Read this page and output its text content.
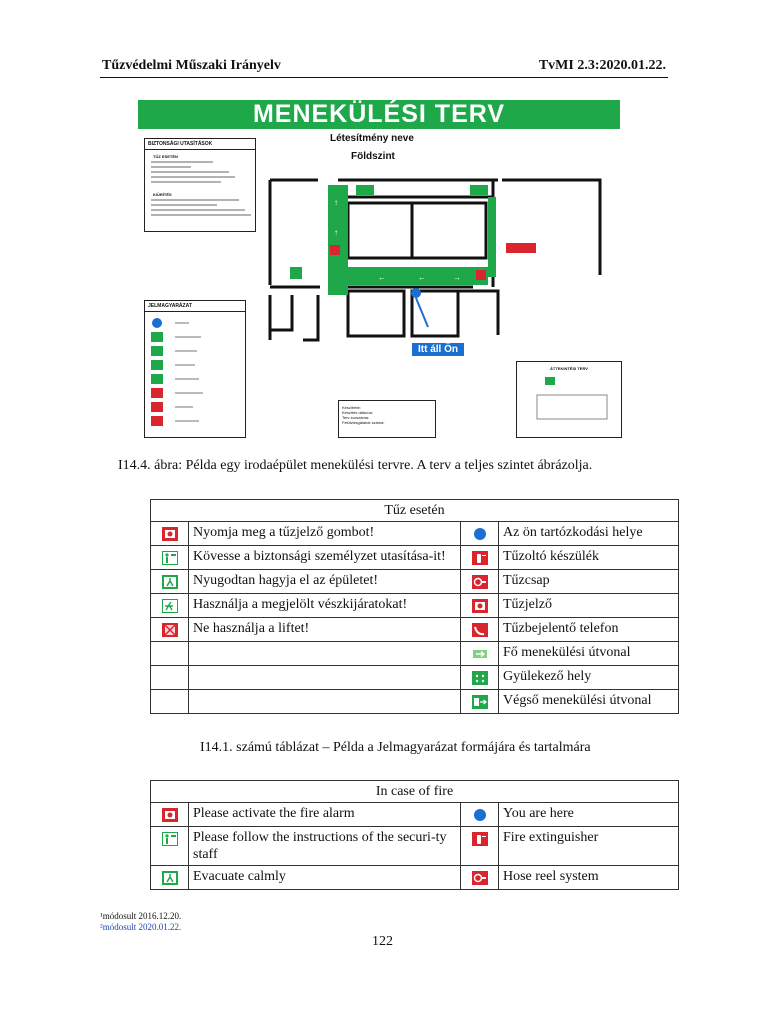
Tűzvédelmi Műszaki Irányelv	TvMI 2.3:2020.01.22.
MENEKÜLÉSI TERV
Létesítmény neve
Földszint
BIZTONSÁGI UTASÍTÁSOK
TŰZ ESETÉN
KIÜRÍTÉS
JELMAGYARÁZAT
↑
↑
←	←	→
Itt áll Ön
Készítette:
Készítés dátuma:
Terv sorszáma:
Felülvizsgálatok száma:
ÁTTEKINTÉSI TERV
I14.4. ábra: Példa egy irodaépület menekülési tervre. A terv a teljes szintet ábrázolja.
Tűz esetén			
	Nyomja meg a tűzjelző gombot!		Az ön tartózkodási helye
	Kövesse a biztonsági személyzet utasítása-it!		Tűzoltó készülék
	Nyugodtan hagyja el az épületet!		Tűzcsap
	Használja a megjelölt vészkijáratokat!		Tűzjelző
	Ne használja a liftet!		Tűzbejelentő telefon
			Fő menekülési útvonal
			Gyülekező hely
			Végső menekülési útvonal
I14.1. számú táblázat – Példa a Jelmagyarázat formájára és tartalmára
In case of fire			
	Please activate the fire alarm		You are here
	Please follow the instructions of the securi-ty staff		Fire extinguisher
	Evacuate calmly		Hose reel system
¹módosult 2016.12.20.
²módosult 2020.01.22.
122
